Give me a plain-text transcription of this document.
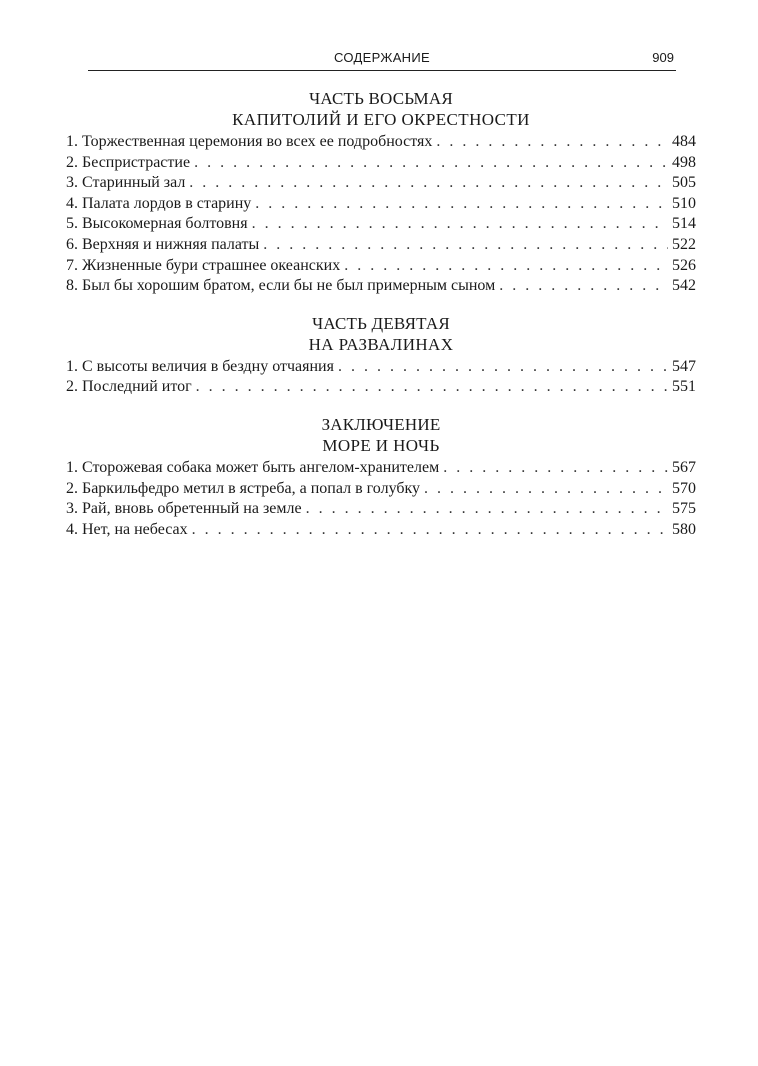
СОДЕРЖАНИЕ	909
ЧАСТЬ ВОСЬМАЯ
КАПИТОЛИЙ И ЕГО ОКРЕСТНОСТИ
1. Торжественная церемония во всех ее подробностях . . .	484
2. Беспристрастие . . .	498
3. Старинный зал . . .	505
4. Палата лордов в старину . . .	510
5. Высокомерная болтовня . . .	514
6. Верхняя и нижняя палаты . . .	522
7. Жизненные бури страшнее океанских . . .	526
8. Был бы хорошим братом, если бы не был примерным сыном . . .	542
ЧАСТЬ ДЕВЯТАЯ
НА РАЗВАЛИНАХ
1. С высоты величия в бездну отчаяния . . .	547
2. Последний итог . . .	551
ЗАКЛЮЧЕНИЕ
МОРЕ И НОЧЬ
1. Сторожевая собака может быть ангелом-хранителем . . .	567
2. Баркильфедро метил в ястреба, а попал в голубку . . .	570
3. Рай, вновь обретенный на земле . . .	575
4. Нет, на небесах . . .	580
